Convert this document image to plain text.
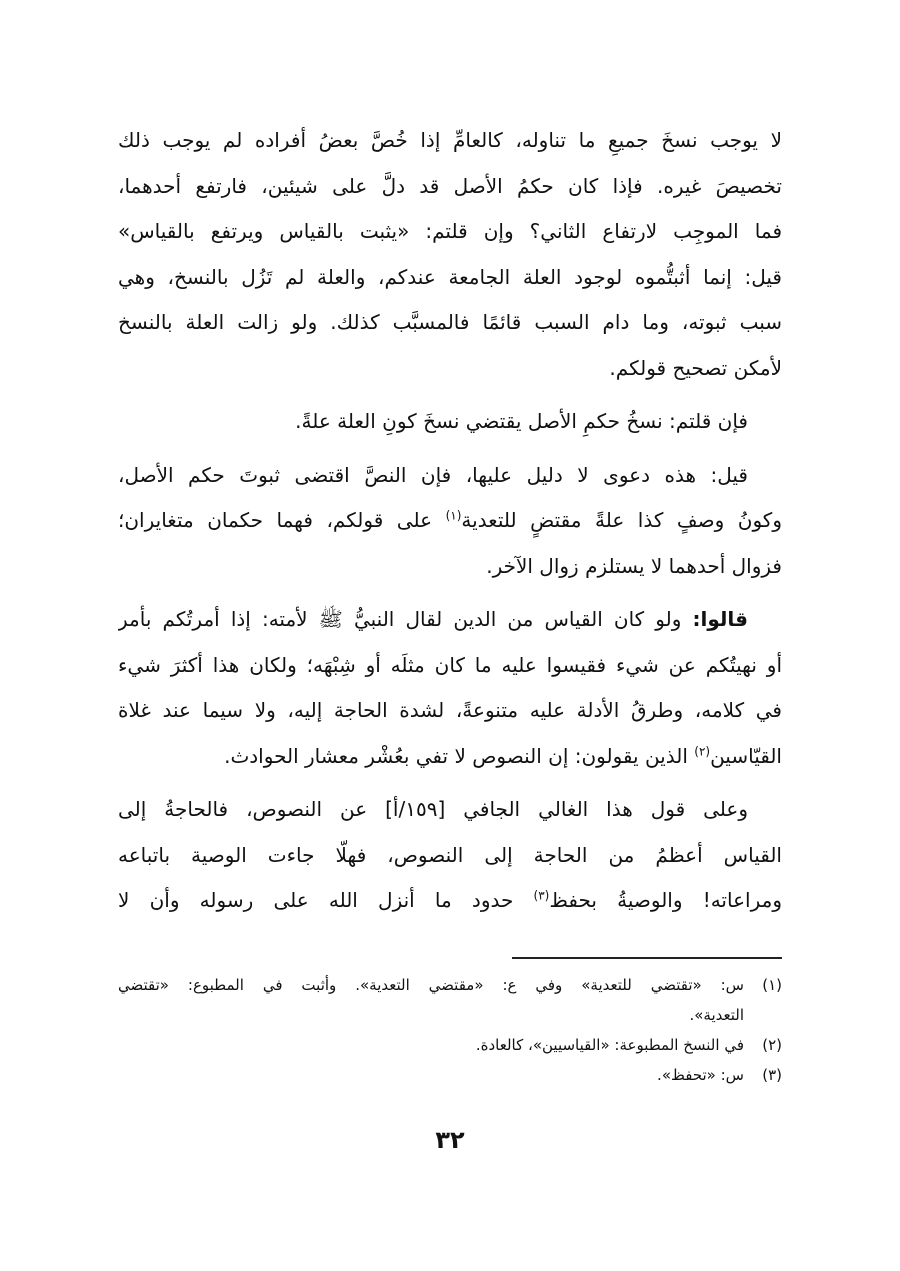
لا يوجب نسخَ جميعِ ما تناوله، كالعامِّ إذا خُصَّ بعضُ أفراده لم يوجب ذلك
تخصيصَ غيره. فإذا كان حكمُ الأصل قد دلَّ على شيئين، فارتفع أحدهما،
فما الموجِب لارتفاع الثاني؟ وإن قلتم: «يثبت بالقياس ويرتفع بالقياس»
قيل: إنما أثبتُّموه لوجود العلة الجامعة عندكم، والعلة لم تَزُل بالنسخ، وهي
سبب ثبوته، وما دام السبب قائمًا فالمسبَّب كذلك. ولو زالت العلة بالنسخ
لأمكن تصحيح قولكم.

فإن قلتم: نسخُ حكمِ الأصل يقتضي نسخَ كونِ العلة علةً.

قيل: هذه دعوى لا دليل عليها، فإن النصَّ اقتضى ثبوتَ حكم الأصل،
وكونُ وصفٍ كذا علةً مقتضٍ للتعدية$^{(١)}$ على قولكم، فهما حكمان متغايران؛
فزوال أحدهما لا يستلزم زوال الآخر.

قالوا: ولو كان القياس من الدين لقال النبيُّ ﷺ لأمته: إذا أمرتُكم بأمر
أو نهيتُكم عن شيء فقيسوا عليه ما كان مثلَه أو شِبْهَه؛ ولكان هذا أكثرَ شيء
في كلامه، وطرقُ الأدلة عليه متنوعةً، لشدة الحاجة إليه، ولا سيما عند غلاة
القيّاسين$^{(٢)}$ الذين يقولون: إن النصوص لا تفي بعُشْر معشار الحوادث.

وعلى قول هذا الغالي الجافي [١٥٩/أ] عن النصوص، فالحاجةُ إلى
القياس أعظمُ من الحاجة إلى النصوص، فهلّا جاءت الوصية باتباعه
ومراعاته! والوصيةُ بحفظ$^{(٣)}$ حدود ما أنزل الله على رسوله وأن لا

(١)
س: «تقتضي للتعدية» وفي ع: «مقتضي التعدية». وأثبت في المطبوع: «تقتضي
التعدية».
(٢)
في النسخ المطبوعة: «القياسيين»، كالعادة.
(٣)
س: «تحفظ».
٣٢
